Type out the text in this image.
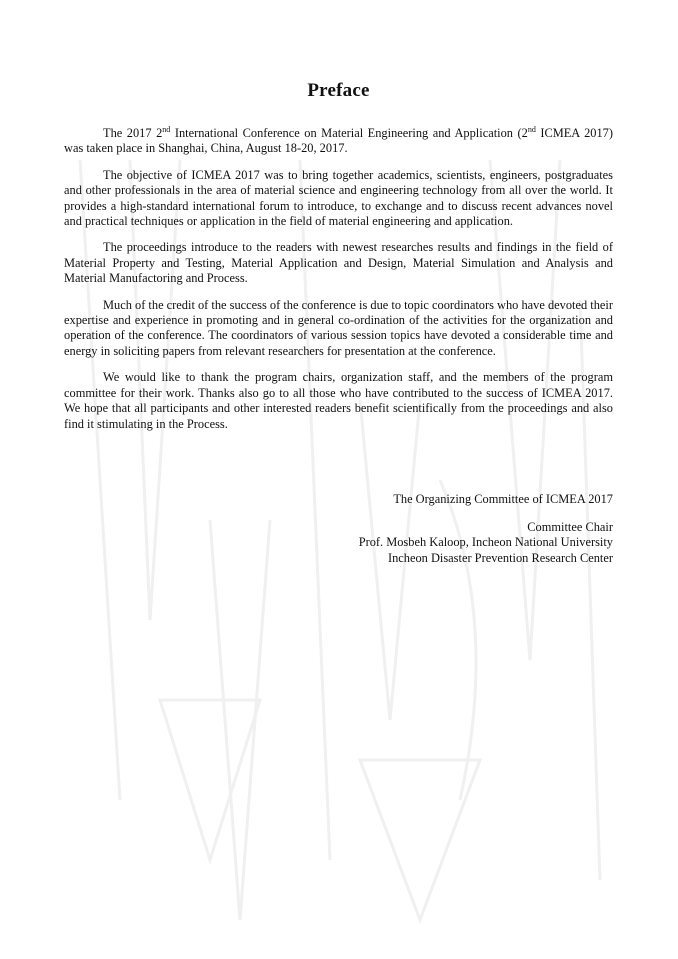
Preface

The 2017 2nd International Conference on Material Engineering and Application (2nd ICMEA 2017) was taken place in Shanghai, China, August 18-20, 2017.

The objective of ICMEA 2017 was to bring together academics, scientists, engineers, postgraduates and other professionals in the area of material science and engineering technology from all over the world. It provides a high-standard international forum to introduce, to exchange and to discuss recent advances novel and practical techniques or application in the field of material engineering and application.

The proceedings introduce to the readers with newest researches results and findings in the field of Material Property and Testing, Material Application and Design, Material Simulation and Analysis and Material Manufactoring and Process.

Much of the credit of the success of the conference is due to topic coordinators who have devoted their expertise and experience in promoting and in general co-ordination of the activities for the organization and operation of the conference. The coordinators of various session topics have devoted a considerable time and energy in soliciting papers from relevant researchers for presentation at the conference.

We would like to thank the program chairs, organization staff, and the members of the program committee for their work. Thanks also go to all those who have contributed to the success of ICMEA 2017. We hope that all participants and other interested readers benefit scientifically from the proceedings and also find it stimulating in the Process.

The Organizing Committee of ICMEA 2017
Committee Chair
Prof. Mosbeh Kaloop, Incheon National University
Incheon Disaster Prevention Research Center
